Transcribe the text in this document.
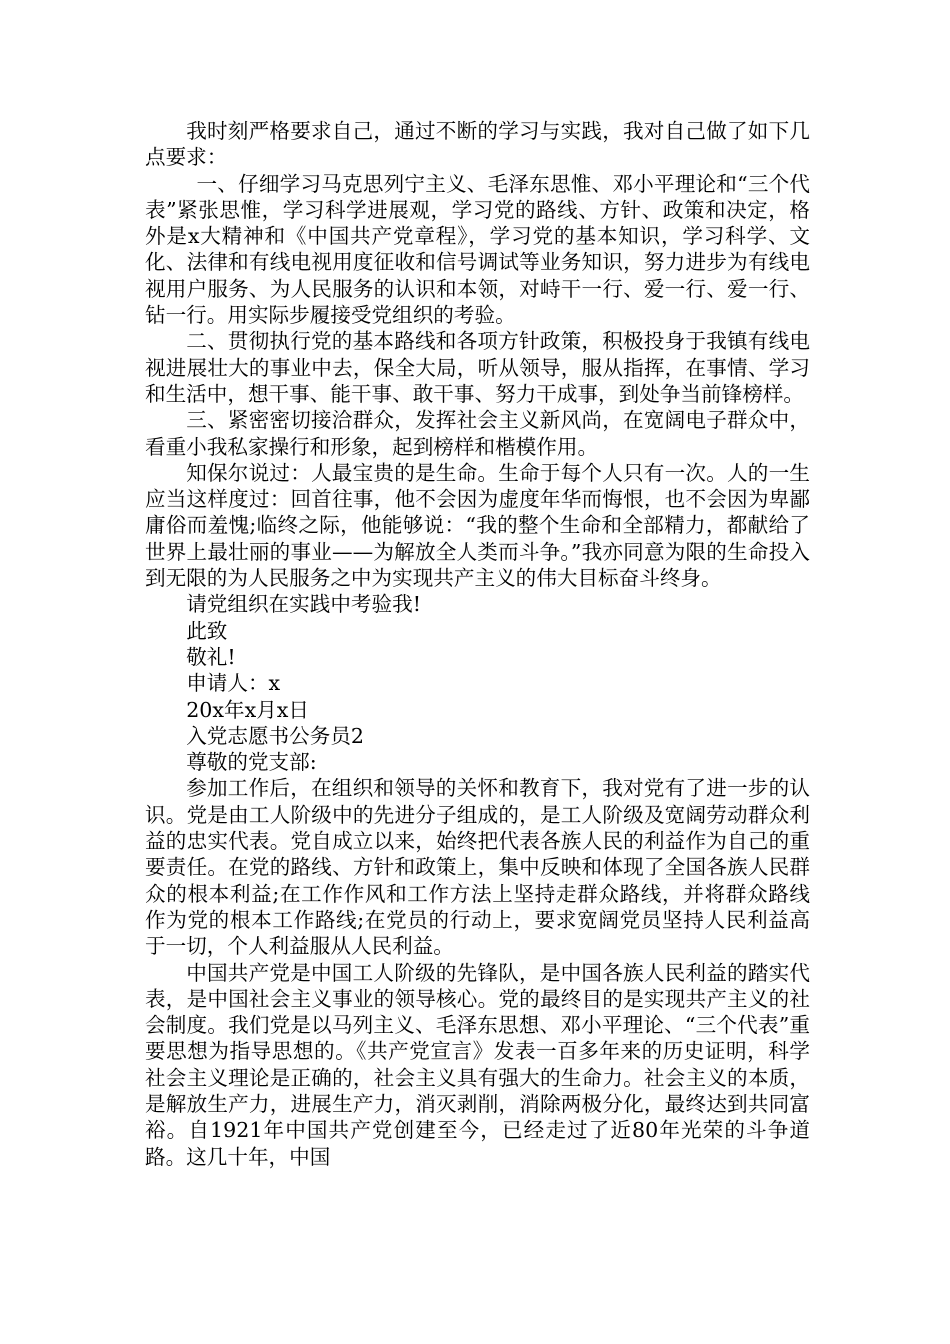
我时刻严格要求自己，通过不断的学习与实践，我对自己做了如下几点要求：

一、仔细学习马克思列宁主义、毛泽东思惟、邓小平理论和“三个代表”紧张思惟，学习科学进展观，学习党的路线、方针、政策和决定，格外是x大精神和《中国共产党章程》，学习党的基本知识，学习科学、文化、法律和有线电视用度征收和信号调试等业务知识，努力进步为有线电视用户服务、为人民服务的认识和本领，对峙干一行、爱一行、爱一行、钻一行。用实际步履接受党组织的考验。

二、贯彻执行党的基本路线和各项方针政策，积极投身于我镇有线电视进展壮大的事业中去，保全大局，听从领导，服从指挥，在事情、学习和生活中，想干事、能干事、敢干事、努力干成事，到处争当前锋榜样。

三、紧密密切接洽群众，发挥社会主义新风尚，在宽阔电子群众中，看重小我私家操行和形象，起到榜样和楷模作用。

知保尔说过：人最宝贵的是生命。生命于每个人只有一次。人的一生应当这样度过：回首往事，他不会因为虚度年华而悔恨，也不会因为卑鄙庸俗而羞愧;临终之际，他能够说：“我的整个生命和全部精力，都献给了世界上最壮丽的事业——为解放全人类而斗争。”我亦同意为限的生命投入到无限的为人民服务之中为实现共产主义的伟大目标奋斗终身。

请党组织在实践中考验我!

此致

敬礼!

申请人：x

20x年x月x日

入党志愿书公务员2

尊敬的党支部:

参加工作后，在组织和领导的关怀和教育下，我对党有了进一步的认识。党是由工人阶级中的先进分子组成的，是工人阶级及宽阔劳动群众利益的忠实代表。党自成立以来，始终把代表各族人民的利益作为自己的重要责任。在党的路线、方针和政策上，集中反映和体现了全国各族人民群众的根本利益;在工作作风和工作方法上坚持走群众路线，并将群众路线作为党的根本工作路线;在党员的行动上，要求宽阔党员坚持人民利益高于一切，个人利益服从人民利益。

中国共产党是中国工人阶级的先锋队，是中国各族人民利益的踏实代表，是中国社会主义事业的领导核心。党的最终目的是实现共产主义的社会制度。我们党是以马列主义、毛泽东思想、邓小平理论、“三个代表”重要思想为指导思想的。《共产党宣言》发表一百多年来的历史证明，科学社会主义理论是正确的，社会主义具有强大的生命力。社会主义的本质，是解放生产力，进展生产力，消灭剥削，消除两极分化，最终达到共同富裕。自1921年中国共产党创建至今，已经走过了近80年光荣的斗争道路。这几十年，中国
